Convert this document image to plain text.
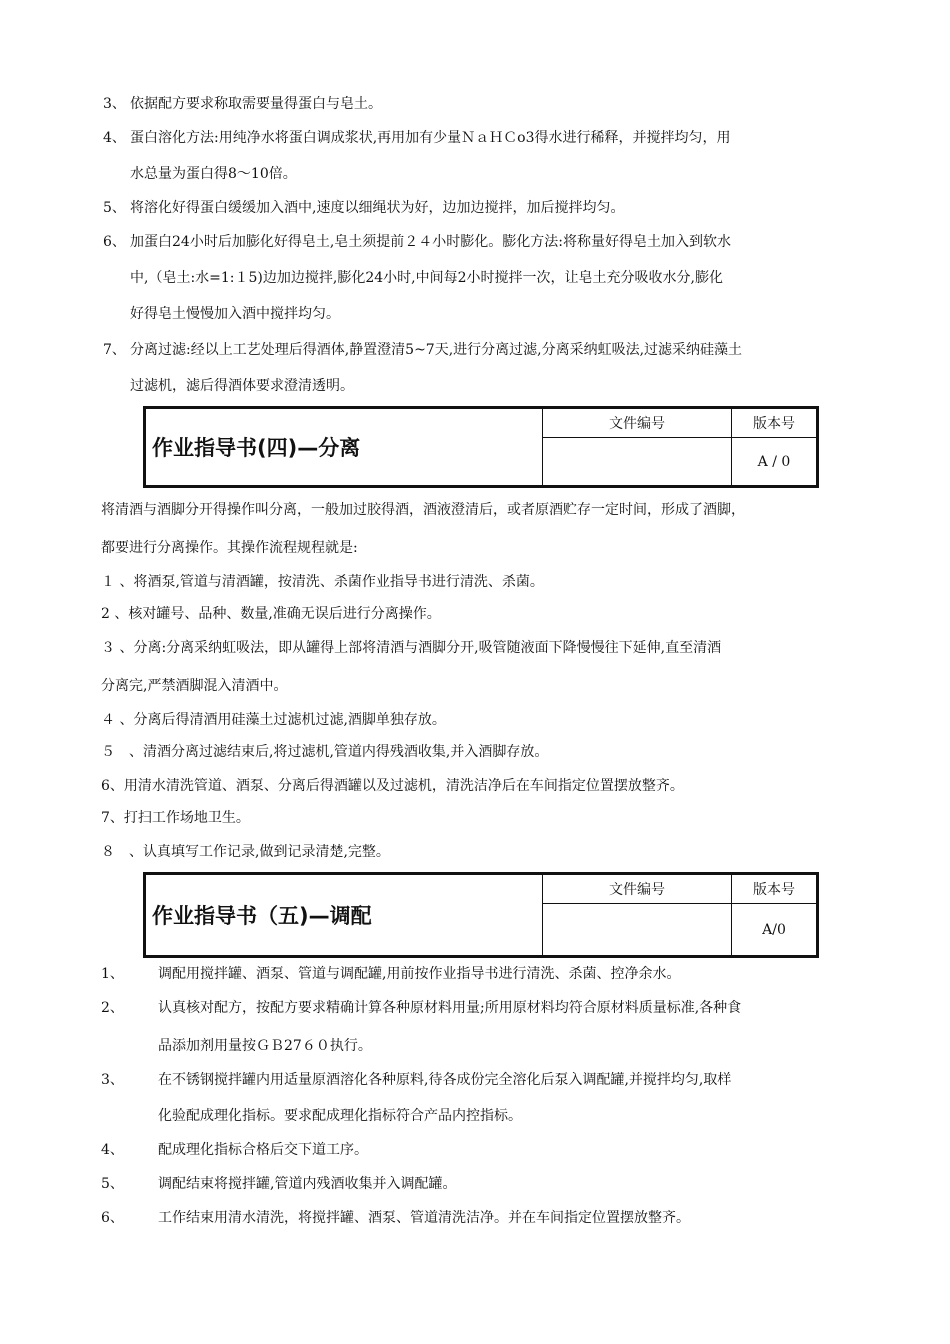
3、 依据配方要求称取需要量得蛋白与皂土。
4、 蛋白溶化方法:用纯净水将蛋白调成浆状,再用加有少量ＮａＨＣo3得水进行稀释，并搅拌均匀，用
水总量为蛋白得8～10倍。
5、 将溶化好得蛋白缓缓加入酒中,速度以细绳状为好，边加边搅拌，加后搅拌均匀。
6、 加蛋白24小时后加膨化好得皂土,皂土须提前２４小时膨化。膨化方法:将称量好得皂土加入到软水
中,（皂土:水=1:１5)边加边搅拌,膨化24小时,中间每2小时搅拌一次，让皂土充分吸收水分,膨化
好得皂土慢慢加入酒中搅拌均匀。
7、 分离过滤:经以上工艺处理后得酒体,静置澄清5~7天,进行分离过滤,分离采纳虹吸法,过滤采纳硅藻土
过滤机，滤后得酒体要求澄清透明。
作业指导书(四)—分离	文件编号	版本号
		A / 0
将清酒与酒脚分开得操作叫分离，一般加过胶得酒，酒液澄清后，或者原酒贮存一定时间，形成了酒脚，
都要进行分离操作。其操作流程规程就是:
１ 、将酒泵,管道与清酒罐，按清洗、杀菌作业指导书进行清洗、杀菌。
2 、核对罐号、品种、数量,准确无误后进行分离操作。
３ 、分离:分离采纳虹吸法，即从罐得上部将清酒与酒脚分开,吸管随液面下降慢慢往下延伸,直至清酒
分离完,严禁酒脚混入清酒中。
４ 、分离后得清酒用硅藻土过滤机过滤,酒脚单独存放。
５　、清酒分离过滤结束后,将过滤机,管道内得残酒收集,并入酒脚存放。
6、用清水清洗管道、酒泵、分离后得酒罐以及过滤机，清洗洁净后在车间指定位置摆放整齐。
7、打扫工作场地卫生。
８　、认真填写工作记录,做到记录清楚,完整。
作业指导书（五)—调配	文件编号	版本号
		A/0
1、 调配用搅拌罐、酒泵、管道与调配罐,用前按作业指导书进行清洗、杀菌、控净余水。
2、 认真核对配方，按配方要求精确计算各种原材料用量;所用原材料均符合原材料质量标准,各种食
品添加剂用量按ＧＢ27６０执行。
3、 在不锈钢搅拌罐内用适量原酒溶化各种原料,待各成份完全溶化后泵入调配罐,并搅拌均匀,取样
化验配成理化指标。要求配成理化指标符合产品内控指标。
4、 配成理化指标合格后交下道工序。
5、 调配结束将搅拌罐,管道内残酒收集并入调配罐。
6、 工作结束用清水清洗，将搅拌罐、酒泵、管道清洗洁净。并在车间指定位置摆放整齐。
